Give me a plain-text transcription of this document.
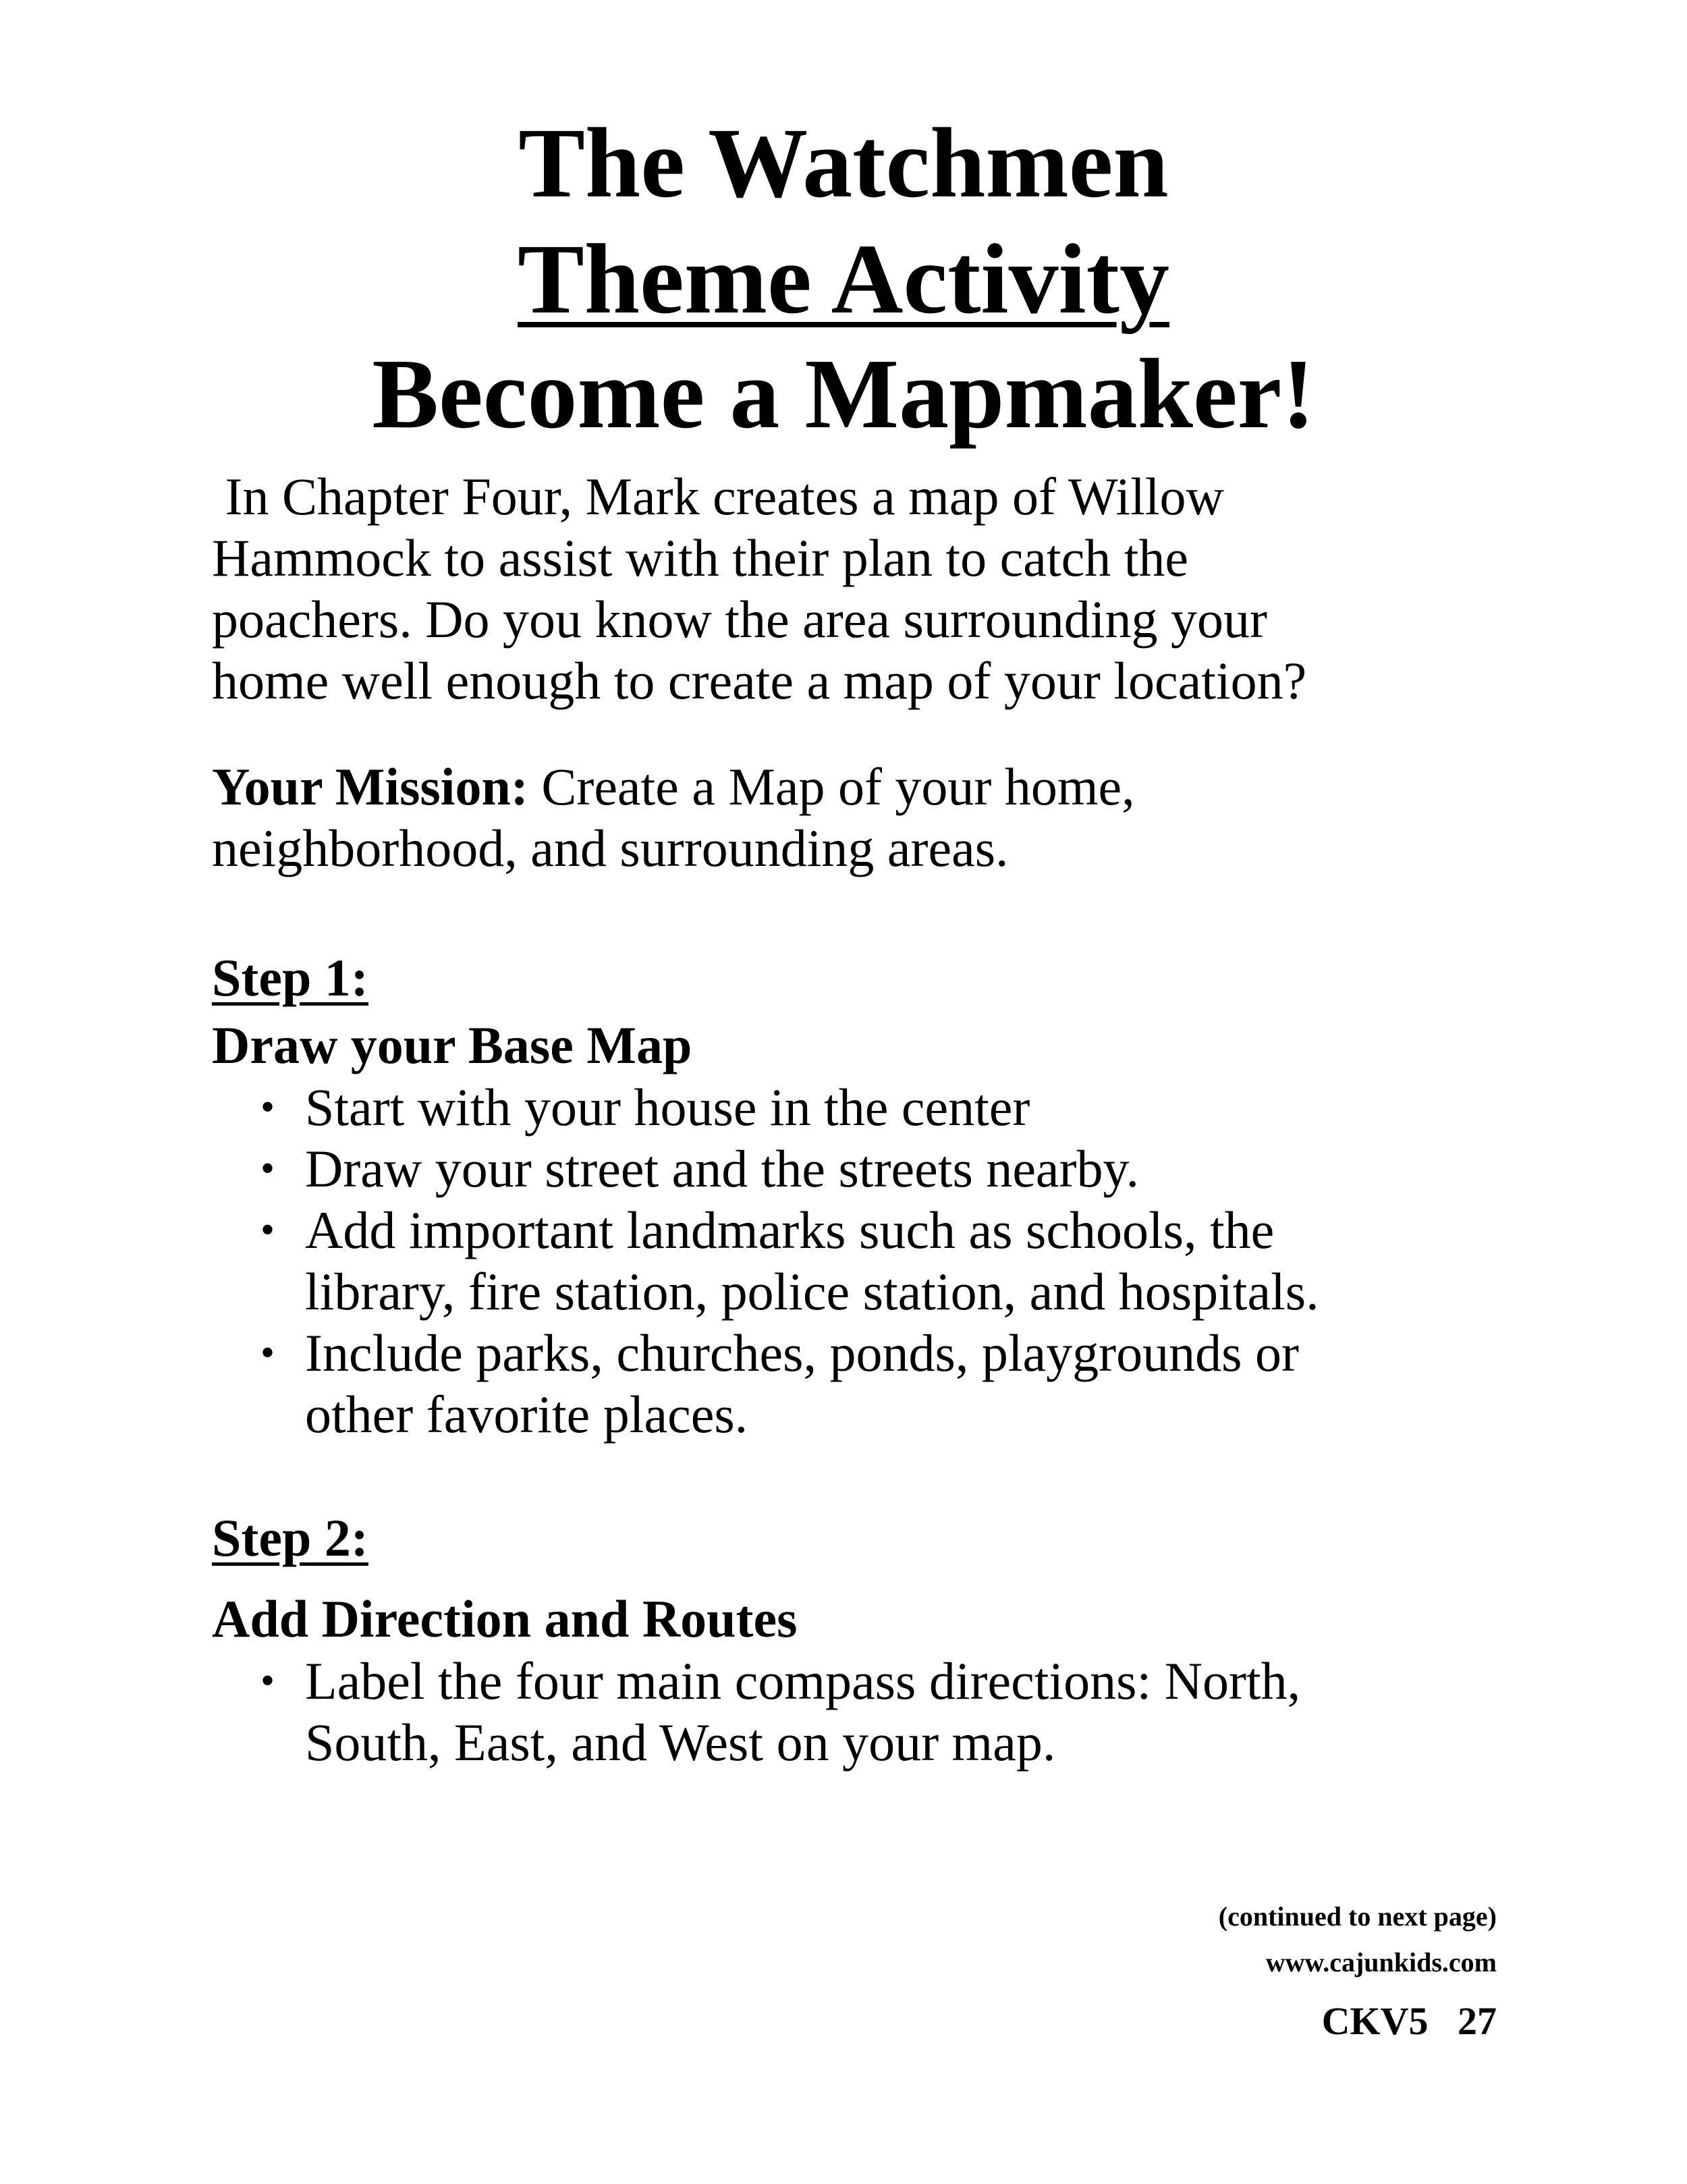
The Watchmen
Theme Activity
Become a Mapmaker!

In Chapter Four, Mark creates a map of Willow

Hammock to assist with their plan to catch the

poachers. Do you know the area surrounding your

home well enough to create a map of your location?

Your Mission: Create a Map of your home,

neighborhood, and surrounding areas.

Step 1:
Draw your Base Map
• Start with your house in the center
• Draw your street and the streets nearby.
• Add important landmarks such as schools, the
library, fire station, police station, and hospitals.
• Include parks, churches, ponds, playgrounds or
other favorite places.
Step 2:
Add Direction and Routes
• Label the four main compass directions: North,
South, East, and West on your map.
(continued to next page)
www.cajunkids.com
CKV5   27
